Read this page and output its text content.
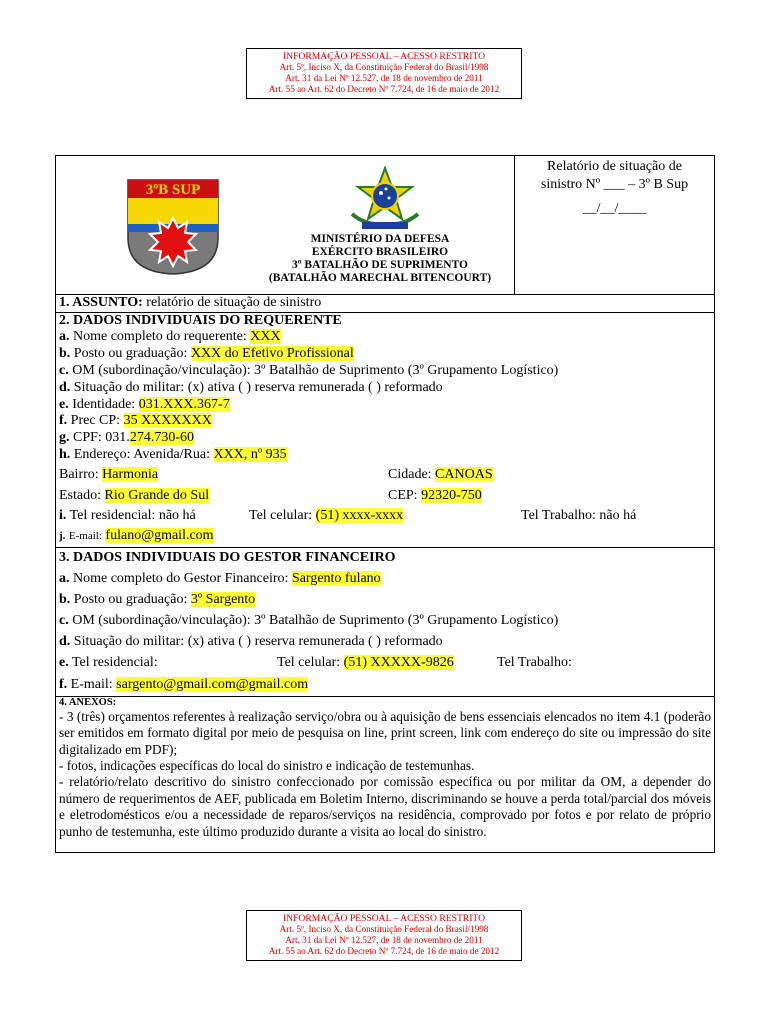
INFORMAÇÃO PESSOAL – ACESSO RESTRITO
Art. 5º, Inciso X, da Constituição Federal do Brasil/1998
Art. 31 da Lei Nº 12.527, de 18 de novembro de 2011
Art. 55 ao Art. 62 do Decreto Nº 7.724, de 16 de maio de 2012
3ºB SUP
MINISTÉRIO DA DEFESA
EXÉRCITO BRASILEIRO
3º BATALHÃO DE SUPRIMENTO
(BATALHÃO MARECHAL BITENCOURT)
Relatório de situação de
sinistro Nº ___ – 3º B Sup
__/__/____
1. ASSUNTO: relatório de situação de sinistro
2. DADOS INDIVIDUAIS DO REQUERENTE
a. Nome completo do requerente: XXX
b. Posto ou graduação: XXX do Efetivo Profissional
c. OM (subordinação/vinculação): 3º Batalhão de Suprimento (3º Grupamento Logístico)
d. Situação do militar: (x) ativa ( ) reserva remunerada ( ) reformado
e. Identidade: 031.XXX.367-7
f. Prec CP: 35 XXXXXXX
g. CPF: 031.274.730-60
h. Endereço: Avenida/Rua: XXX, nº 935
Bairro: Harmonia	Cidade: CANOAS
Estado: Rio Grande do Sul	CEP: 92320-750
i. Tel residencial: não há	Tel celular: (51) xxxx-xxxx	Tel Trabalho: não há
j. E-mail: fulano@gmail.com
3. DADOS INDIVIDUAIS DO GESTOR FINANCEIRO
a. Nome completo do Gestor Financeiro: Sargento fulano
b. Posto ou graduação: 3º Sargento
c. OM (subordinação/vinculação): 3º Batalhão de Suprimento (3º Grupamento Logístico)
d. Situação do militar: (x) ativa ( ) reserva remunerada ( ) reformado
e. Tel residencial:	Tel celular: (51) XXXXX-9826	Tel Trabalho:
f. E-mail: sargento@gmail.com@gmail.com
4. ANEXOS:
- 3 (três) orçamentos referentes à realização serviço/obra ou à aquisição de bens essenciais elencados no item 4.1 (poderão ser emitidos em formato digital por meio de pesquisa on line, print screen, link com endereço do site ou impressão do site digitalizado em PDF);
- fotos, indicações específicas do local do sinistro e indicação de testemunhas.
- relatório/relato descritivo do sinistro confeccionado por comissão específica ou por militar da OM, a depender do número de requerimentos de AEF, publicada em Boletim Interno, discriminando se houve a perda total/parcial dos móveis e eletrodomésticos e/ou a necessidade de reparos/serviços na residência, comprovado por fotos e por relato de próprio punho de testemunha, este último produzido durante a visita ao local do sinistro.
INFORMAÇÃO PESSOAL – ACESSO RESTRITO
Art. 5º, Inciso X, da Constituição Federal do Brasil/1998
Art. 31 da Lei Nº 12.527, de 18 de novembro de 2011
Art. 55 ao Art. 62 do Decreto Nº 7.724, de 16 de maio de 2012
